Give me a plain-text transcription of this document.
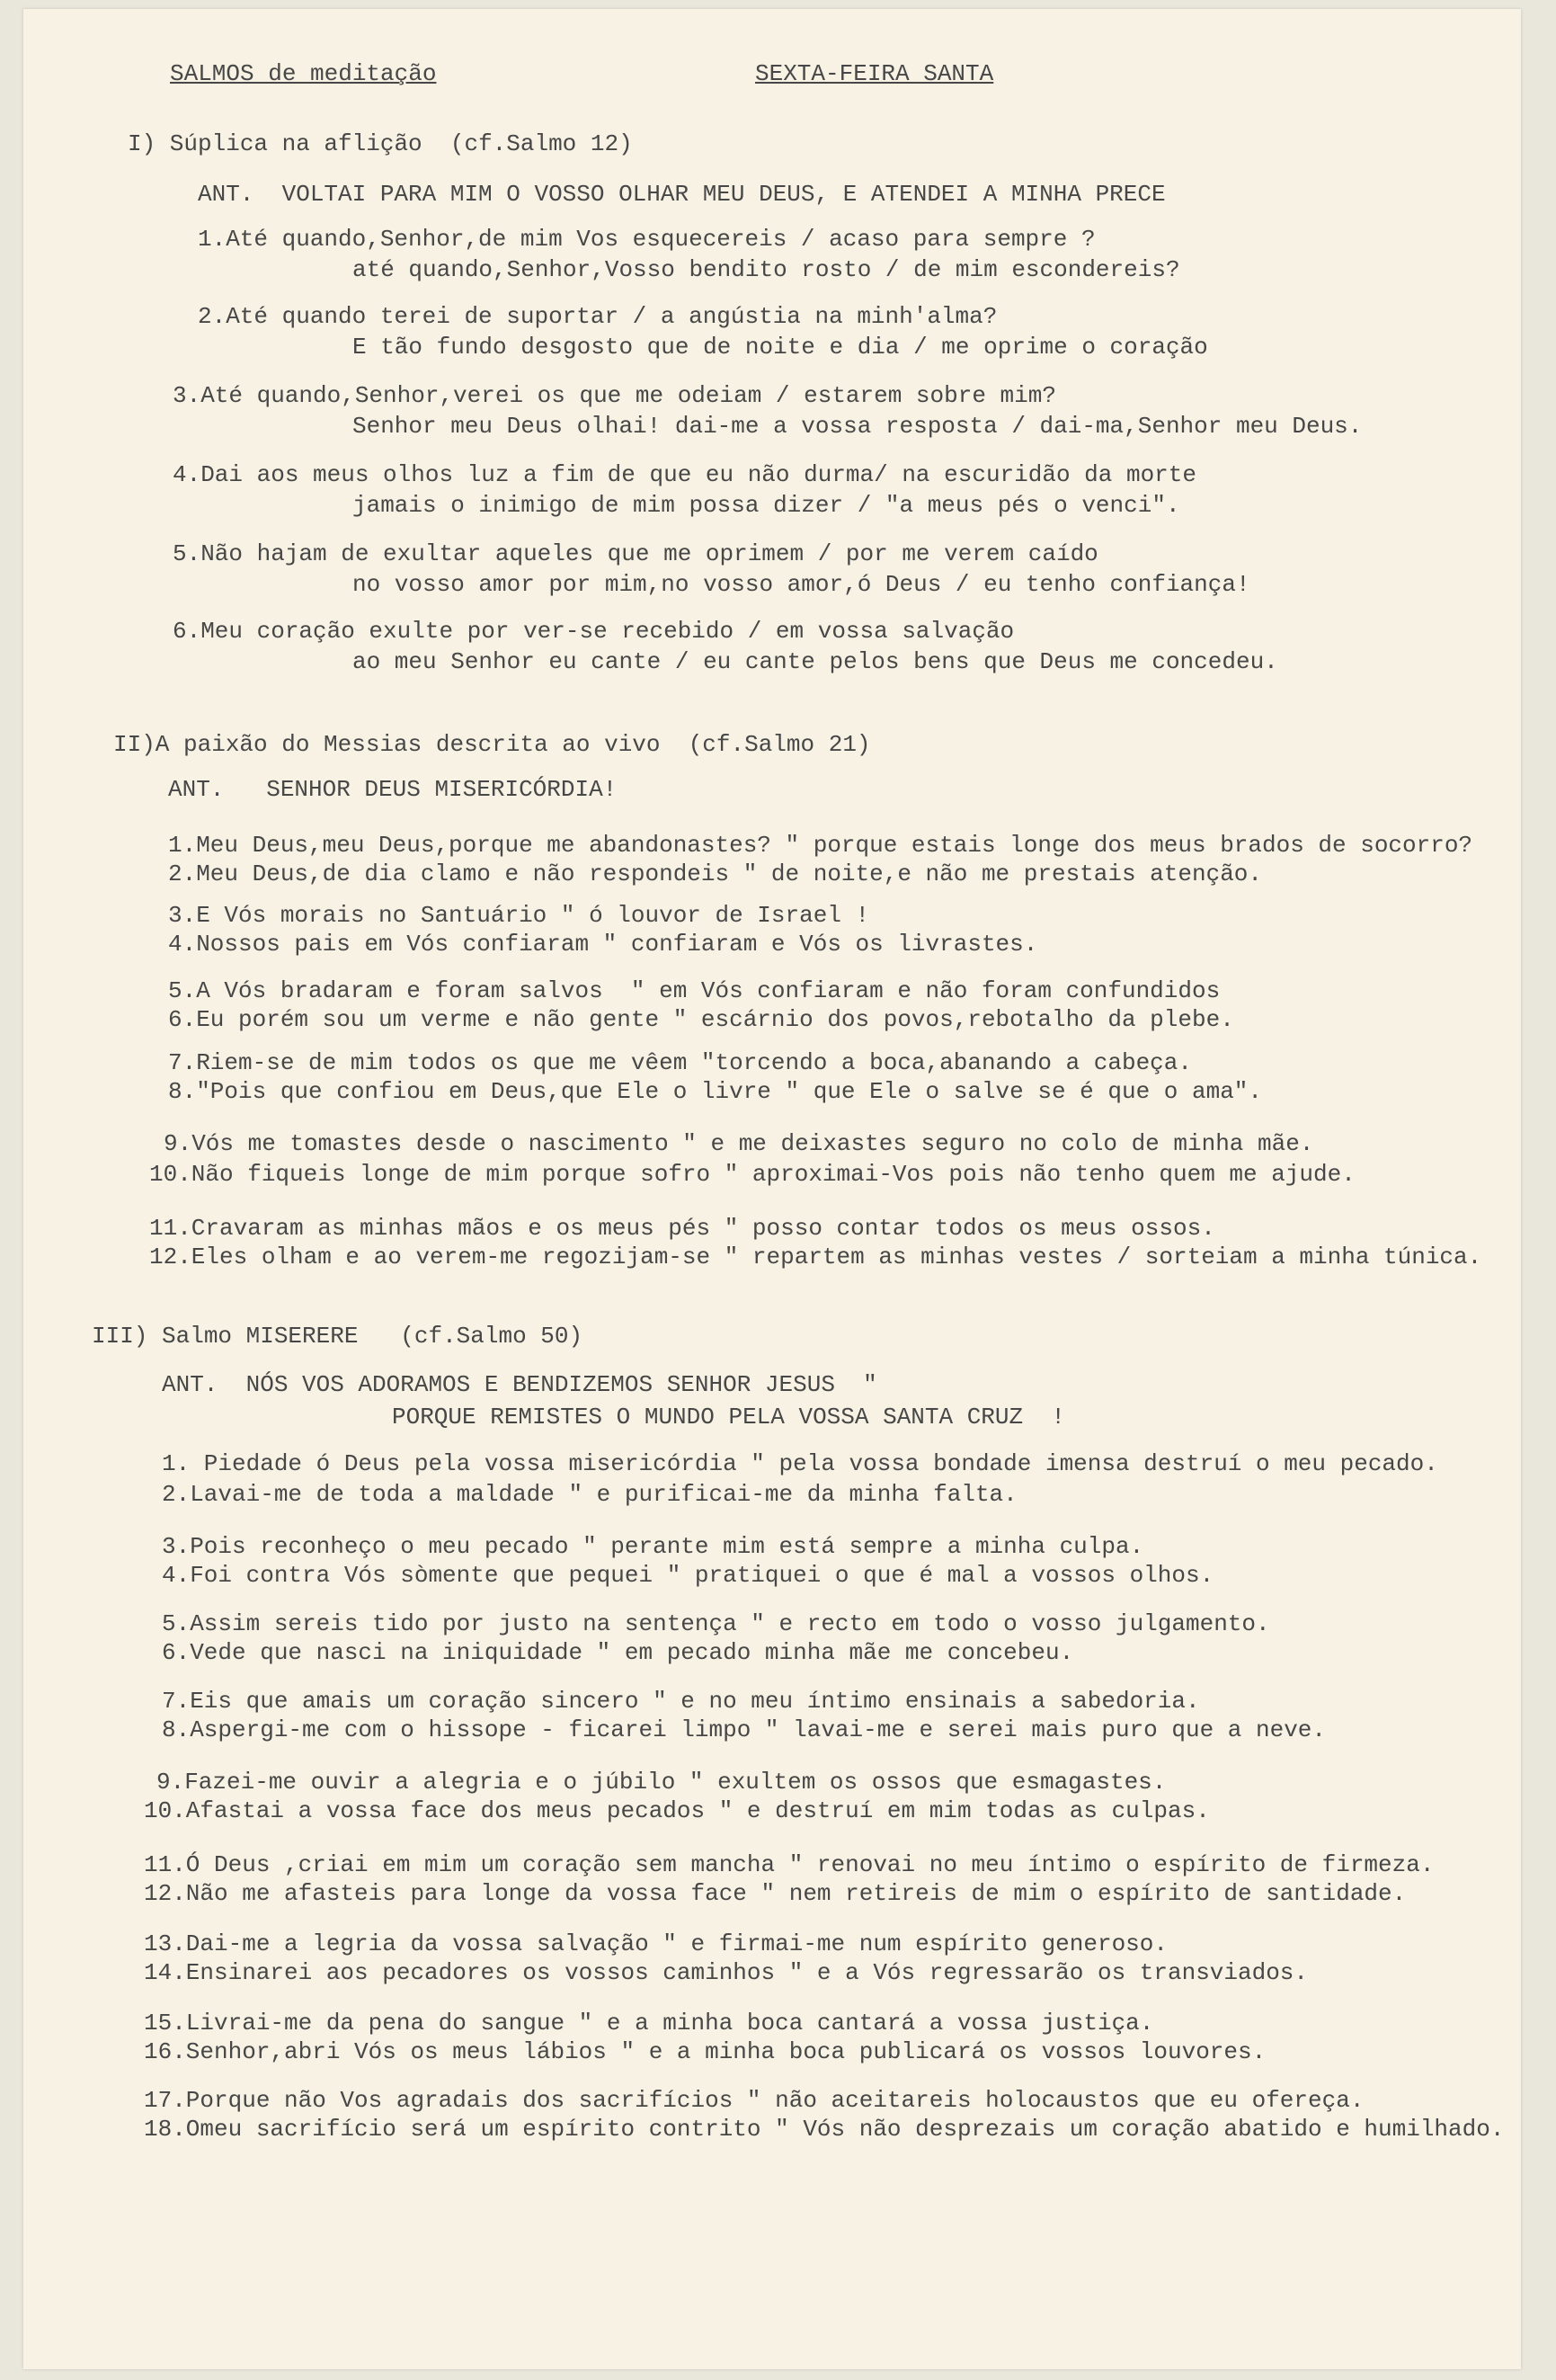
SALMOS de meditação	SEXTA-FEIRA SANTA
I) Súplica na aflição  (cf.Salmo 12)
ANT.  VOLTAI PARA MIM O VOSSO OLHAR MEU DEUS, E ATENDEI A MINHA PRECE
1.Até quando,Senhor,de mim Vos esquecereis / acaso para sempre ?
até quando,Senhor,Vosso bendito rosto / de mim escondereis?
2.Até quando terei de suportar / a angústia na minh'alma?
E tão fundo desgosto que de noite e dia / me oprime o coração
3.Até quando,Senhor,verei os que me odeiam / estarem sobre mim?
Senhor meu Deus olhai! dai-me a vossa resposta / dai-ma,Senhor meu Deus.
4.Dai aos meus olhos luz a fim de que eu não durma/ na escuridão da morte
jamais o inimigo de mim possa dizer / "a meus pés o venci".
5.Não hajam de exultar aqueles que me oprimem / por me verem caído
no vosso amor por mim,no vosso amor,ó Deus / eu tenho confiança!
6.Meu coração exulte por ver-se recebido / em vossa salvação
ao meu Senhor eu cante / eu cante pelos bens que Deus me concedeu.
II)A paixão do Messias descrita ao vivo  (cf.Salmo 21)
ANT.   SENHOR DEUS MISERICÓRDIA!
1.Meu Deus,meu Deus,porque me abandonastes? " porque estais longe dos meus brados de socorro?
2.Meu Deus,de dia clamo e não respondeis " de noite,e não me prestais atenção.
3.E Vós morais no Santuário " ó louvor de Israel !
4.Nossos pais em Vós confiaram " confiaram e Vós os livrastes.
5.A Vós bradaram e foram salvos  " em Vós confiaram e não foram confundidos
6.Eu porém sou um verme e não gente " escárnio dos povos,rebotalho da plebe.
7.Riem-se de mim todos os que me vêem "torcendo a boca,abanando a cabeça.
8."Pois que confiou em Deus,que Ele o livre " que Ele o salve se é que o ama".
9.Vós me tomastes desde o nascimento " e me deixastes seguro no colo de minha mãe.
10.Não fiqueis longe de mim porque sofro " aproximai-Vos pois não tenho quem me ajude.
11.Cravaram as minhas mãos e os meus pés " posso contar todos os meus ossos.
12.Eles olham e ao verem-me regozijam-se " repartem as minhas vestes / sorteiam a minha túnica.
III) Salmo MISERERE   (cf.Salmo 50)
ANT.  NÓS VOS ADORAMOS E BENDIZEMOS SENHOR JESUS  "
PORQUE REMISTES O MUNDO PELA VOSSA SANTA CRUZ  !
1. Piedade ó Deus pela vossa misericórdia " pela vossa bondade imensa destruí o meu pecado.
2.Lavai-me de toda a maldade " e purificai-me da minha falta.
3.Pois reconheço o meu pecado " perante mim está sempre a minha culpa.
4.Foi contra Vós sòmente que pequei " pratiquei o que é mal a vossos olhos.
5.Assim sereis tido por justo na sentença " e recto em todo o vosso julgamento.
6.Vede que nasci na iniquidade " em pecado minha mãe me concebeu.
7.Eis que amais um coração sincero " e no meu íntimo ensinais a sabedoria.
8.Aspergi-me com o hissope - ficarei limpo " lavai-me e serei mais puro que a neve.
9.Fazei-me ouvir a alegria e o júbilo " exultem os ossos que esmagastes.
10.Afastai a vossa face dos meus pecados " e destruí em mim todas as culpas.
11.Ó Deus ,criai em mim um coração sem mancha " renovai no meu íntimo o espírito de firmeza.
12.Não me afasteis para longe da vossa face " nem retireis de mim o espírito de santidade.
13.Dai-me a legria da vossa salvação " e firmai-me num espírito generoso.
14.Ensinarei aos pecadores os vossos caminhos " e a Vós regressarão os transviados.
15.Livrai-me da pena do sangue " e a minha boca cantará a vossa justiça.
16.Senhor,abri Vós os meus lábios " e a minha boca publicará os vossos louvores.
17.Porque não Vos agradais dos sacrifícios " não aceitareis holocaustos que eu ofereça.
18.Omeu sacrifício será um espírito contrito " Vós não desprezais um coração abatido e humilhado.
